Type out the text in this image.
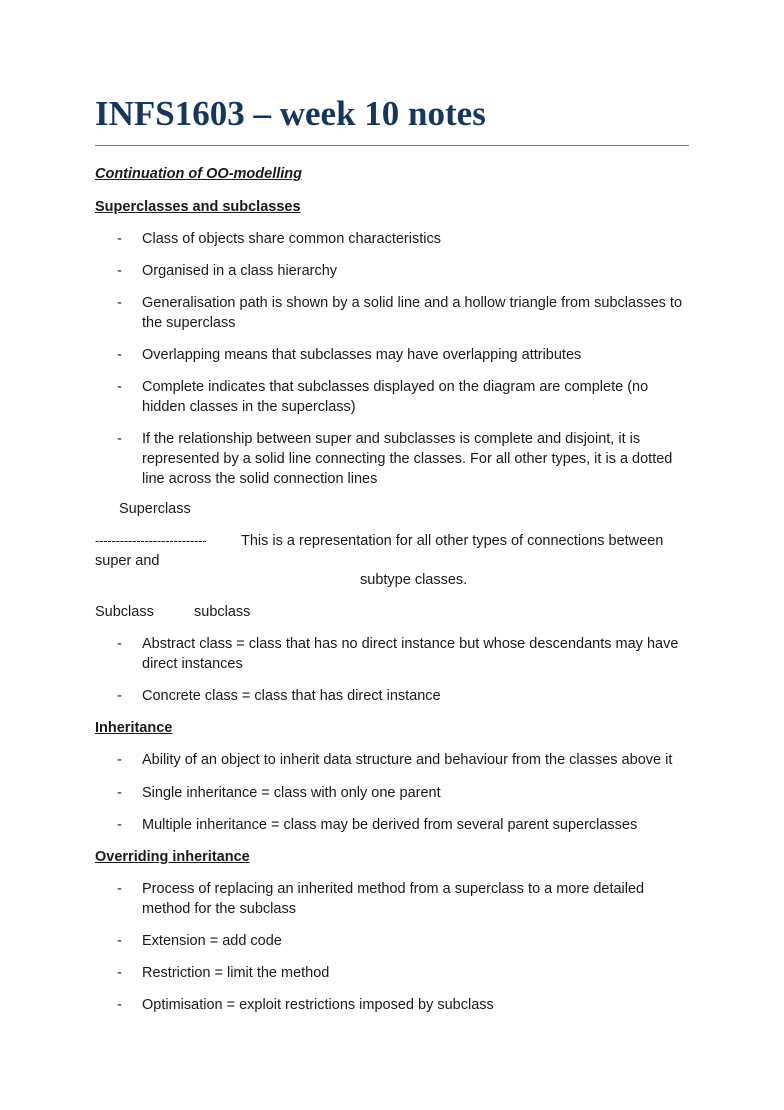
INFS1603 – week 10 notes
Continuation of OO-modelling
Superclasses and subclasses
- Class of objects share common characteristics
- Organised in a class hierarchy
- Generalisation path is shown by a solid line and a hollow triangle from subclasses to the superclass
- Overlapping means that subclasses may have overlapping attributes
- Complete indicates that subclasses displayed on the diagram are complete (no hidden classes in the superclass)
- If the relationship between super and subclasses is complete and disjoint, it is represented by a solid line connecting the classes. For all other types, it is a dotted line across the solid connection lines
Superclass
--------------------------- This is a representation for all other types of connections between
super and
subtype classes.
Subclass	subclass
- Abstract class = class that has no direct instance but whose descendants may have direct instances
- Concrete class = class that has direct instance
Inheritance
- Ability of an object to inherit data structure and behaviour from the classes above it
- Single inheritance = class with only one parent
- Multiple inheritance = class may be derived from several parent superclasses
Overriding inheritance
- Process of replacing an inherited method from a superclass to a more detailed method for the subclass
- Extension = add code
- Restriction = limit the method
- Optimisation = exploit restrictions imposed by subclass
